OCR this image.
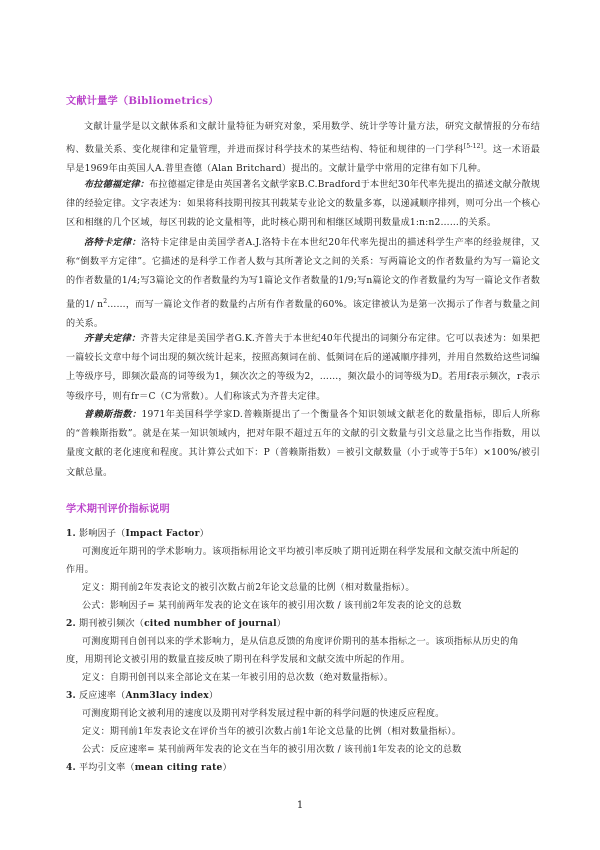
文献计量学（Bibliometrics）
文献计量学是以文献体系和文献计量特征为研究对象，采用数学、统计学等计量方法，研究文献情报的分布结构、数量关系、变化规律和定量管理，并进而探讨科学技术的某些结构、特征和规律的一门学科[5-12]。这一术语最早是1969年由英国人A.普里查德（Alan Britchard）提出的。文献计量学中常用的定律有如下几种。
布拉德福定律：布拉德福定律是由英国著名文献学家B.C.Bradford于本世纪30年代率先提出的描述文献分散规律的经验定律。文字表述为：如果将科技期刊按其刊载某专业论文的数量多寡，以递减顺序排列，则可分出一个核心区和相继的几个区域，每区刊载的论文量相等，此时核心期刊和相继区域期刊数量成1:n:n2……的关系。
洛特卡定律：洛特卡定律是由美国学者A.J.洛特卡在本世纪20年代率先提出的描述科学生产率的经验规律，又称“倒数平方定律”。它描述的是科学工作者人数与其所著论文之间的关系：写两篇论文的作者数量约为写一篇论文的作者数量的1/4;写3篇论文的作者数量约为写1篇论文作者数量的1/9;写n篇论文的作者数量约为写一篇论文作者数量的1/ $n^2\dots\dots$，而写一篇论文作者的数量约占所有作者数量的60%。该定律被认为是第一次揭示了作者与数量之间的关系。
齐普夫定律：齐普夫定律是美国学者G.K.齐普夫于本世纪40年代提出的词频分布定律。它可以表述为：如果把一篇较长文章中每个词出现的频次统计起来，按照高频词在前、低频词在后的递减顺序排列，并用自然数给这些词编上等级序号，即频次最高的词等级为1，频次次之的等级为2，……，频次最小的词等级为D。若用f表示频次，r表示等级序号，则有fr＝C（C为常数）。人们称该式为齐普夫定律。
普赖斯指数：1971年美国科学学家D.普赖斯提出了一个衡量各个知识领域文献老化的数量指标，即后人所称的“普赖斯指数”。就是在某一知识领域内，把对年限不超过五年的文献的引文数量与引文总量之比当作指数，用以量度文献的老化速度和程度。其计算公式如下：P（普赖斯指数）＝被引文献数量（小于或等于5年）×100%/被引文献总量。
学术期刊评价指标说明
1. 影响因子（Impact Factor）
可测度近年期刊的学术影响力。该项指标用论文平均被引率反映了期刊近期在科学发展和文献交流中所起的
作用。
定义：期刊前2年发表论文的被引次数占前2年论文总量的比例（相对数量指标）。
公式：影响因子= 某刊前两年发表的论文在该年的被引用次数 / 该刊前2年发表的论文的总数
2. 期刊被引频次（cited numbher of journal）
可测度期刊自创刊以来的学术影响力，是从信息反馈的角度评价期刊的基本指标之一。该项指标从历史的角
度，用期刊论文被引用的数量直接反映了期刊在科学发展和文献交流中所起的作用。
定义：自期刊创刊以来全部论文在某一年被引用的总次数（绝对数量指标）。
3. 反应速率（Anm3lacy index）
可测度期刊论文被利用的速度以及期刊对学科发展过程中新的科学问题的快速反应程度。
定义：期刊前1年发表论文在评价当年的被引次数占前1年论文总量的比例（相对数量指标）。
公式：反应速率= 某刊前两年发表的论文在当年的被引用次数 / 该刊前1年发表的论文的总数
4. 平均引文率（mean citing rate）
1
